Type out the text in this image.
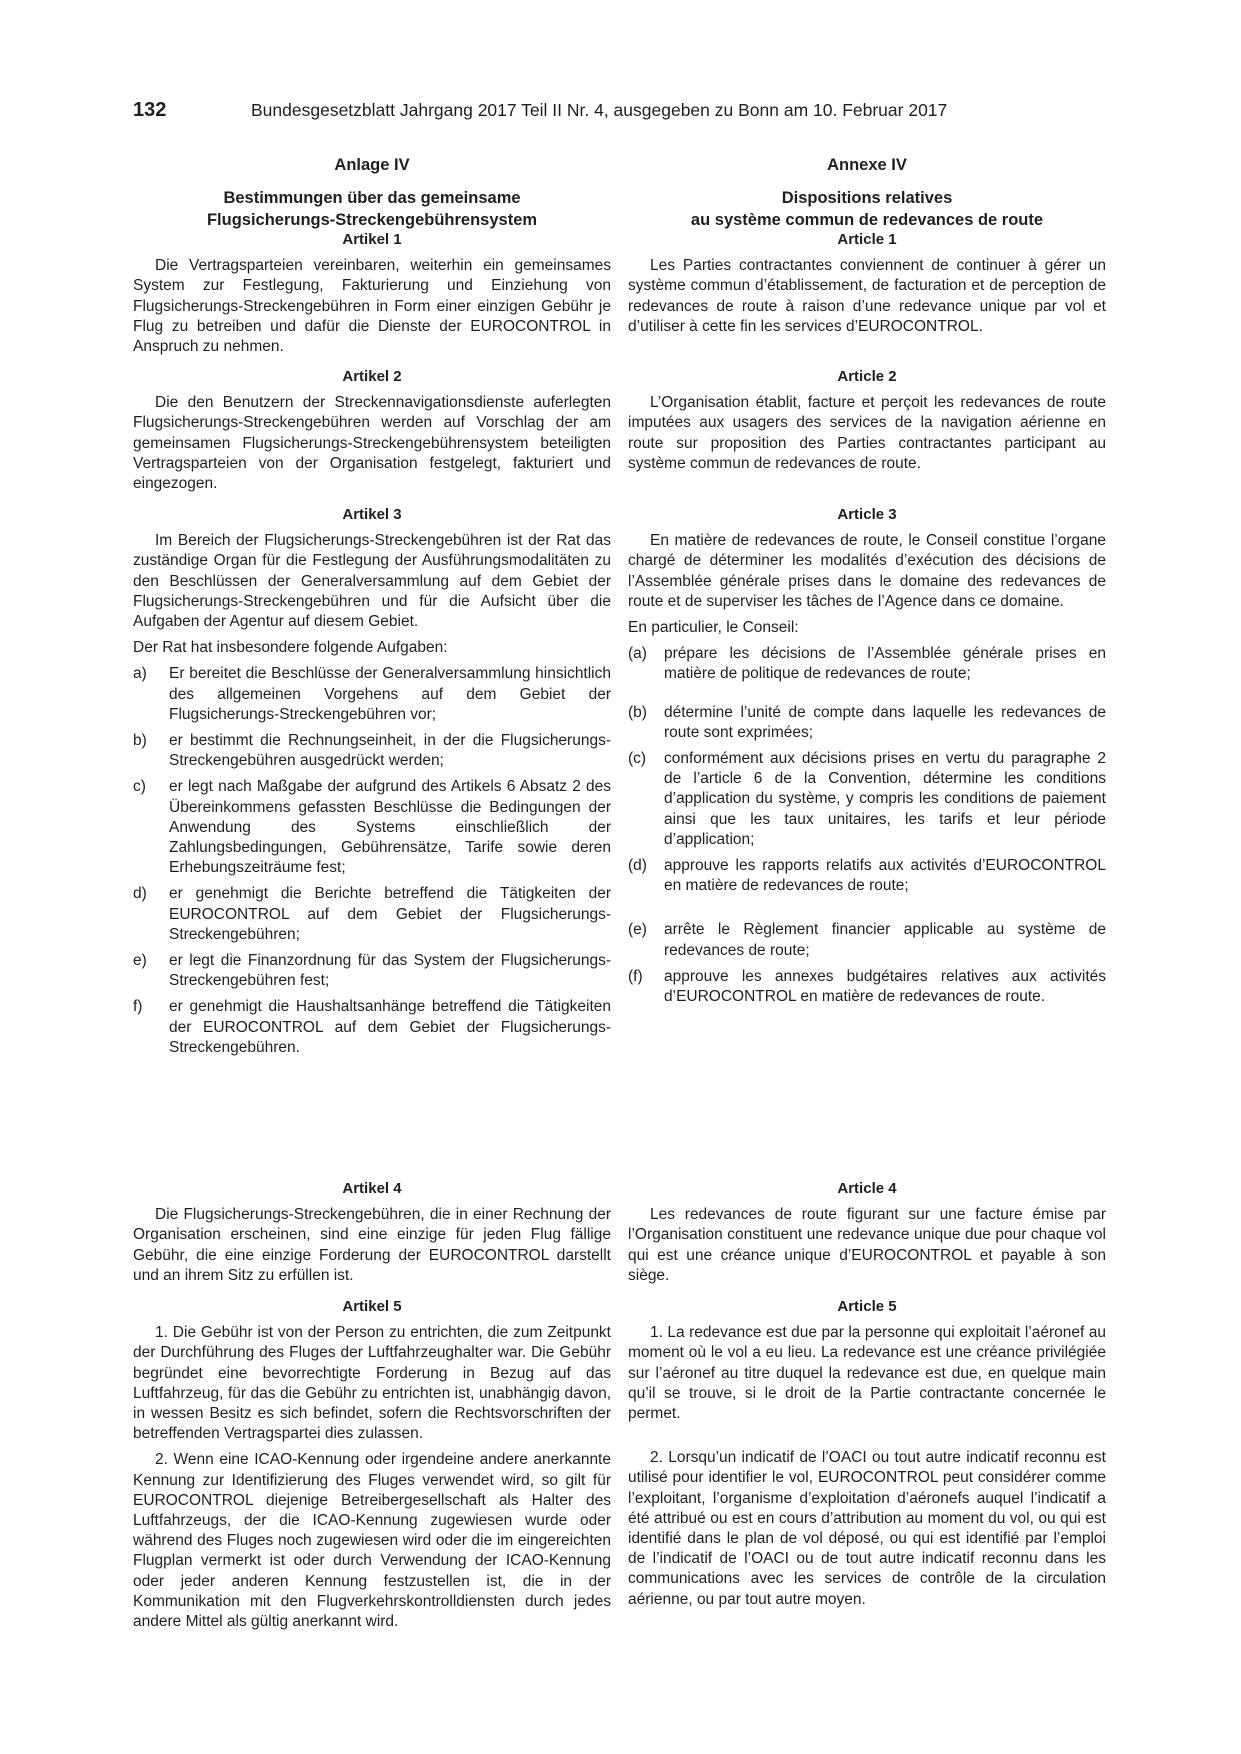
132	Bundesgesetzblatt Jahrgang 2017 Teil II Nr. 4, ausgegeben zu Bonn am 10. Februar 2017
Anlage IV
Bestimmungen über das gemeinsame
Flugsicherungs-Streckengebührensystem
Artikel 1

Die Vertragsparteien vereinbaren, weiterhin ein gemeinsames System zur Festlegung, Fakturierung und Einziehung von Flugsicherungs-Streckengebühren in Form einer einzigen Gebühr je Flug zu betreiben und dafür die Dienste der EUROCONTROL in Anspruch zu nehmen.

Artikel 2

Die den Benutzern der Streckennavigationsdienste auferlegten Flugsicherungs-Streckengebühren werden auf Vorschlag der am gemeinsamen Flugsicherungs-Streckengebührensystem beteiligten Vertragsparteien von der Organisation festgelegt, fakturiert und eingezogen.

Artikel 3

Im Bereich der Flugsicherungs-Streckengebühren ist der Rat das zuständige Organ für die Festlegung der Ausführungsmodalitäten zu den Beschlüssen der Generalversammlung auf dem Gebiet der Flugsicherungs-Streckengebühren und für die Aufsicht über die Aufgaben der Agentur auf diesem Gebiet.

Der Rat hat insbesondere folgende Aufgaben:

a) Er bereitet die Beschlüsse der Generalversammlung hinsichtlich des allgemeinen Vorgehens auf dem Gebiet der Flugsicherungs-Streckengebühren vor;

b) er bestimmt die Rechnungseinheit, in der die Flugsicherungs-Streckengebühren ausgedrückt werden;

c) er legt nach Maßgabe der aufgrund des Artikels 6 Absatz 2 des Übereinkommens gefassten Beschlüsse die Bedingungen der Anwendung des Systems einschließlich der Zahlungsbedingungen, Gebührensätze, Tarife sowie deren Erhebungszeiträume fest;

d) er genehmigt die Berichte betreffend die Tätigkeiten der EUROCONTROL auf dem Gebiet der Flugsicherungs-Streckengebühren;

e) er legt die Finanzordnung für das System der Flugsicherungs-Streckengebühren fest;

f) er genehmigt die Haushaltsanhänge betreffend die Tätigkeiten der EUROCONTROL auf dem Gebiet der Flugsicherungs-Streckengebühren.

Artikel 4

Die Flugsicherungs-Streckengebühren, die in einer Rechnung der Organisation erscheinen, sind eine einzige für jeden Flug fällige Gebühr, die eine einzige Forderung der EUROCONTROL darstellt und an ihrem Sitz zu erfüllen ist.

Artikel 5

1. Die Gebühr ist von der Person zu entrichten, die zum Zeitpunkt der Durchführung des Fluges der Luftfahrzeughalter war. Die Gebühr begründet eine bevorrechtigte Forderung in Bezug auf das Luftfahrzeug, für das die Gebühr zu entrichten ist, unabhängig davon, in wessen Besitz es sich befindet, sofern die Rechtsvorschriften der betreffenden Vertragspartei dies zulassen.

2. Wenn eine ICAO-Kennung oder irgendeine andere anerkannte Kennung zur Identifizierung des Fluges verwendet wird, so gilt für EUROCONTROL diejenige Betreibergesellschaft als Halter des Luftfahrzeugs, der die ICAO-Kennung zugewiesen wurde oder während des Fluges noch zugewiesen wird oder die im eingereichten Flugplan vermerkt ist oder durch Verwendung der ICAO-Kennung oder jeder anderen Kennung festzustellen ist, die in der Kommunikation mit den Flugverkehrskontrolldiensten durch jedes andere Mittel als gültig anerkannt wird.

Annexe IV
Dispositions relatives
au système commun de redevances de route
Article 1

Les Parties contractantes conviennent de continuer à gérer un système commun d’établissement, de facturation et de perception de redevances de route à raison d’une redevance unique par vol et d’utiliser à cette fin les services d’EUROCONTROL.

Article 2

L’Organisation établit, facture et perçoit les redevances de route imputées aux usagers des services de la navigation aérienne en route sur proposition des Parties contractantes participant au système commun de redevances de route.

Article 3

En matière de redevances de route, le Conseil constitue l’organe chargé de déterminer les modalités d’exécution des décisions de l’Assemblée générale prises dans le domaine des redevances de route et de superviser les tâches de l’Agence dans ce domaine.

En particulier, le Conseil:

(a) prépare les décisions de l’Assemblée générale prises en matière de politique de redevances de route;

(b) détermine l’unité de compte dans laquelle les redevances de route sont exprimées;

(c) conformément aux décisions prises en vertu du paragraphe 2 de l’article 6 de la Convention, détermine les conditions d’application du système, y compris les conditions de paiement ainsi que les taux unitaires, les tarifs et leur période d’application;

(d) approuve les rapports relatifs aux activités d’EUROCONTROL en matière de redevances de route;

(e) arrête le Règlement financier applicable au système de redevances de route;

(f) approuve les annexes budgétaires relatives aux activités d’EUROCONTROL en matière de redevances de route.

Article 4

Les redevances de route figurant sur une facture émise par l’Organisation constituent une redevance unique due pour chaque vol qui est une créance unique d’EUROCONTROL et payable à son siège.

Article 5

1. La redevance est due par la personne qui exploitait l’aéronef au moment où le vol a eu lieu. La redevance est une créance privilégiée sur l’aéronef au titre duquel la redevance est due, en quelque main qu’il se trouve, si le droit de la Partie contractante concernée le permet.

2. Lorsqu’un indicatif de l’OACI ou tout autre indicatif reconnu est utilisé pour identifier le vol, EUROCONTROL peut considérer comme l’exploitant, l’organisme d’exploitation d’aéronefs auquel l’indicatif a été attribué ou est en cours d’attribution au moment du vol, ou qui est identifié dans le plan de vol déposé, ou qui est identifié par l’emploi de l’indicatif de l’OACI ou de tout autre indicatif reconnu dans les communications avec les services de contrôle de la circulation aérienne, ou par tout autre moyen.
